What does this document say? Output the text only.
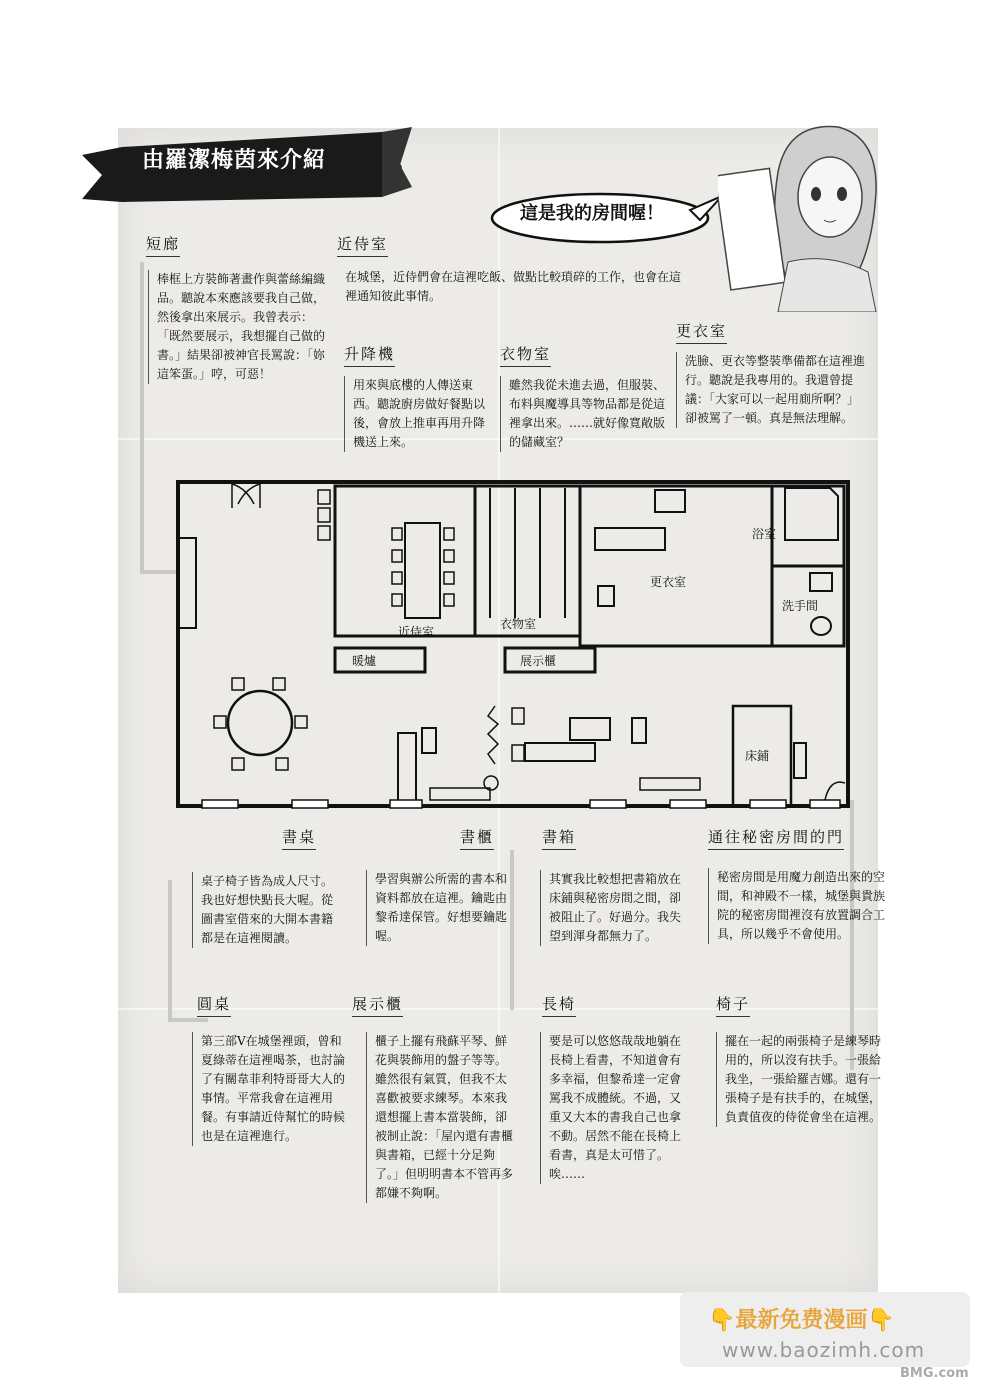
由羅潔梅茵來介紹
這是我的房間喔！
短廊
棒框上方裝飾著畫作與蕾絲編織品。聽說本來應該要我自己做，然後拿出來展示。我曾表示：「既然要展示，我想擺自己做的書。」結果卻被神官長罵說：「妳這笨蛋。」哼，可惡！
近侍室
在城堡，近侍們會在這裡吃飯、做點比較瑣碎的工作，也會在這裡通知彼此事情。
升降機
用來與底樓的人傳送東西。聽說廚房做好餐點以後，會放上推車再用升降機送上來。
衣物室
雖然我從未進去過，但服裝、布料與魔導具等物品都是從這裡拿出來。……就好像寬敞版的儲藏室？
更衣室
洗臉、更衣等整裝準備都在這裡進行。聽說是我專用的。我還曾提議：「大家可以一起用廁所啊？」卻被罵了一頓。真是無法理解。
近侍室
衣物室
更衣室
浴室
洗手間
暖爐	展示櫃
床鋪
書桌
桌子椅子皆為成人尺寸。我也好想快點長大喔。從圖書室借來的大開本書籍都是在這裡閱讀。
書櫃
學習與辦公所需的書本和資料都放在這裡。鑰匙由黎希達保管。好想要鑰匙喔。
書箱
其實我比較想把書箱放在床鋪與秘密房間之間，卻被阻止了。好過分。我失望到渾身都無力了。
通往秘密房間的門
秘密房間是用魔力創造出來的空間，和神殿不一樣，城堡與貴族院的秘密房間裡沒有放置調合工具，所以幾乎不會使用。
圓桌
第三部V在城堡裡頭，曾和夏綠蒂在這裡喝茶，也討論了有關韋菲利特哥哥大人的事情。平常我會在這裡用餐。有事請近侍幫忙的時候也是在這裡進行。
展示櫃
櫃子上擺有飛蘇平琴、鮮花與裝飾用的盤子等等。雖然很有氣質，但我不太喜歡被要求練琴。本來我還想擺上書本當裝飾，卻被制止說：「屋內還有書櫃與書箱，已經十分足夠了。」但明明書本不管再多都嫌不夠啊。
長椅
要是可以悠悠哉哉地躺在長椅上看書，不知道會有多幸福，但黎希達一定會罵我不成體統。不過，又重又大本的書我自己也拿不動。居然不能在長椅上看書，真是太可惜了。唉……
椅子
擺在一起的兩張椅子是練琴時用的，所以沒有扶手。一張給我坐，一張給羅吉娜。還有一張椅子是有扶手的，在城堡，負責值夜的侍從會坐在這裡。
👇最新免费漫画👇
www.baozimh.com
BMG.com
